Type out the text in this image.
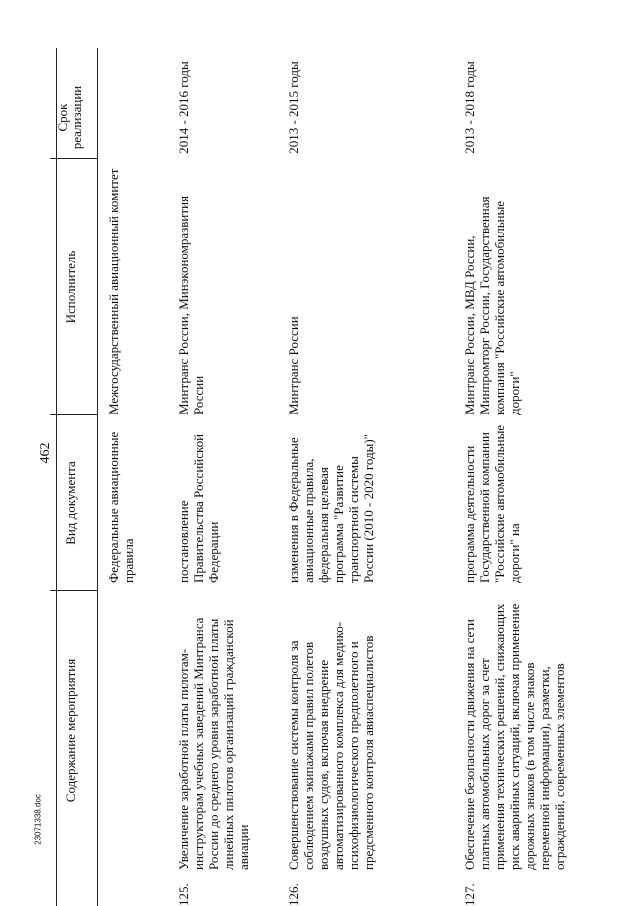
462
23071338.doc
Содержание мероприятия
Вид документа
Исполнитель
Срок реализации
Федеральные авиационные правила
Межгосударственный авиационный комитет
125.
Увеличение заработной платы пилотам-инструкторам учебных заведений Минтранса России до среднего уровня заработной платы линейных пилотов организаций гражданской авиации
постановление Правительства Российской Федерации
Минтранс России, Минэкономразвития России
2014 - 2016 годы
126.
Совершенствование системы контроля за соблюдением экипажами правил полетов воздушных судов, включая внедрение автоматизированного комплекса для медико-психофизиологического предполетного и предсменного контроля авиаспециалистов
изменения в Федеральные авиационные правила, федеральная целевая программа "Развитие транспортной системы России (2010 - 2020 годы)"
Минтранс России
2013 - 2015 годы
127.
Обеспечение безопасности движения на сети платных автомобильных дорог за счет применения технических решений, снижающих риск аварийных ситуаций, включая применение дорожных знаков (в том числе знаков переменной информации), разметки, ограждений, современных элементов
программа деятельности Государственной компании "Российские автомобильные дороги" на
Минтранс России, МВД России, Минпромторг России, Государственная компания "Российские автомобильные дороги"
2013 - 2018 годы
